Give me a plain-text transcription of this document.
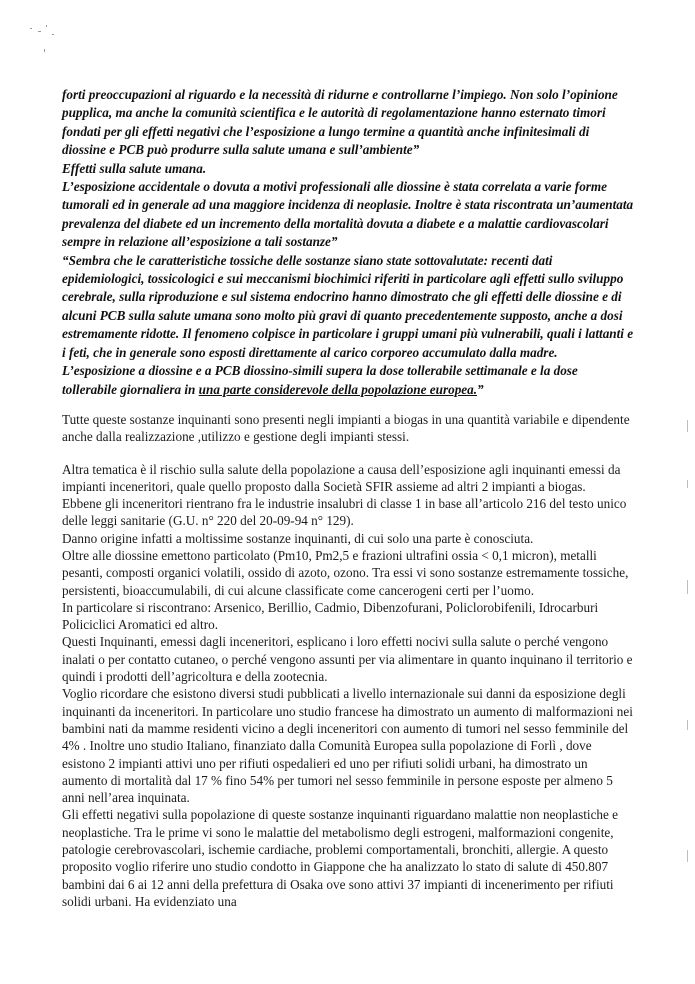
forti preoccupazioni al riguardo e la necessità di ridurne e controllarne l’impiego. Non solo l’opinione pupplica, ma anche la comunità scientifica e le autorità di regolamentazione hanno esternato timori fondati per gli effetti negativi che l’esposizione a lungo termine a quantità anche infinitesimali di diossine e PCB può produrre sulla salute umana e sull’ambiente”

Effetti sulla salute umana.

L’esposizione accidentale o dovuta a motivi professionali alle diossine è stata correlata a varie forme tumorali ed in generale ad una maggiore incidenza di neoplasie. Inoltre è stata riscontrata un’aumentata prevalenza del diabete ed un incremento della mortalità dovuta a diabete e a malattie cardiovascolari sempre in relazione all’esposizione a tali sostanze”

“Sembra che le caratteristiche tossiche delle sostanze siano state sottovalutate: recenti dati epidemiologici, tossicologici e sui meccanismi biochimici riferiti in particolare agli effetti sullo sviluppo cerebrale, sulla riproduzione e sul sistema endocrino hanno dimostrato che gli effetti delle diossine e di alcuni PCB sulla salute umana sono molto più gravi di quanto precedentemente supposto, anche a dosi estremamente ridotte. Il fenomeno colpisce in particolare i gruppi umani più vulnerabili, quali i lattanti e i feti, che in generale sono esposti direttamente al carico corporeo accumulato dalla madre.

L’esposizione a diossine e a PCB diossino-simili supera la dose tollerabile settimanale e la dose tollerabile giornaliera in una parte considerevole della popolazione europea.”

Tutte queste sostanze inquinanti sono presenti negli impianti a biogas in una quantità variabile e dipendente anche dalla realizzazione ,utilizzo e gestione degli impianti stessi.

Altra tematica è il rischio sulla salute della popolazione a causa dell’esposizione agli inquinanti emessi da impianti inceneritori, quale quello proposto dalla Società SFIR assieme ad altri 2 impianti a biogas.

Ebbene gli inceneritori rientrano fra le industrie insalubri di classe 1 in base all’articolo 216 del testo unico delle leggi sanitarie (G.U. n° 220 del 20-09-94 n° 129).

Danno origine infatti a moltissime sostanze inquinanti, di cui solo una parte è conosciuta.

Oltre alle diossine emettono particolato (Pm10, Pm2,5 e frazioni ultrafini ossia < 0,1 micron), metalli pesanti, composti organici volatili, ossido di azoto, ozono. Tra essi vi sono sostanze estremamente tossiche, persistenti, bioaccumulabili, di cui alcune classificate come cancerogeni certi per l’uomo.

In particolare si riscontrano: Arsenico, Berillio, Cadmio, Dibenzofurani, Policlorobifenili, Idrocarburi Policiclici Aromatici ed altro.

Questi Inquinanti, emessi dagli inceneritori, esplicano i loro effetti nocivi sulla salute o perché vengono inalati o per contatto cutaneo, o perché vengono assunti per via alimentare in quanto inquinano il territorio e quindi i prodotti dell’agricoltura e della zootecnia.

Voglio ricordare che esistono diversi studi pubblicati a livello internazionale sui danni da esposizione degli inquinanti da inceneritori. In particolare uno studio francese ha dimostrato un aumento di malformazioni nei bambini nati da mamme residenti vicino a degli inceneritori con aumento di tumori nel sesso femminile del 4% . Inoltre uno studio Italiano, finanziato dalla Comunità Europea sulla popolazione di Forlì , dove esistono 2 impianti attivi uno per rifiuti ospedalieri ed uno per rifiuti solidi urbani, ha dimostrato un aumento di mortalità dal 17 % fino 54% per tumori nel sesso femminile in persone esposte per almeno 5 anni nell’area inquinata.

Gli effetti negativi sulla popolazione di queste sostanze inquinanti riguardano malattie non neoplastiche e neoplastiche. Tra le prime vi sono le malattie del metabolismo degli estrogeni, malformazioni congenite, patologie cerebrovascolari, ischemie cardiache, problemi comportamentali, bronchiti, allergie. A questo proposito voglio riferire uno studio condotto in Giappone che ha analizzato lo stato di salute di 450.807 bambini dai 6 ai 12 anni della prefettura di Osaka ove sono attivi 37 impianti di incenerimento per rifiuti solidi urbani. Ha evidenziato una
